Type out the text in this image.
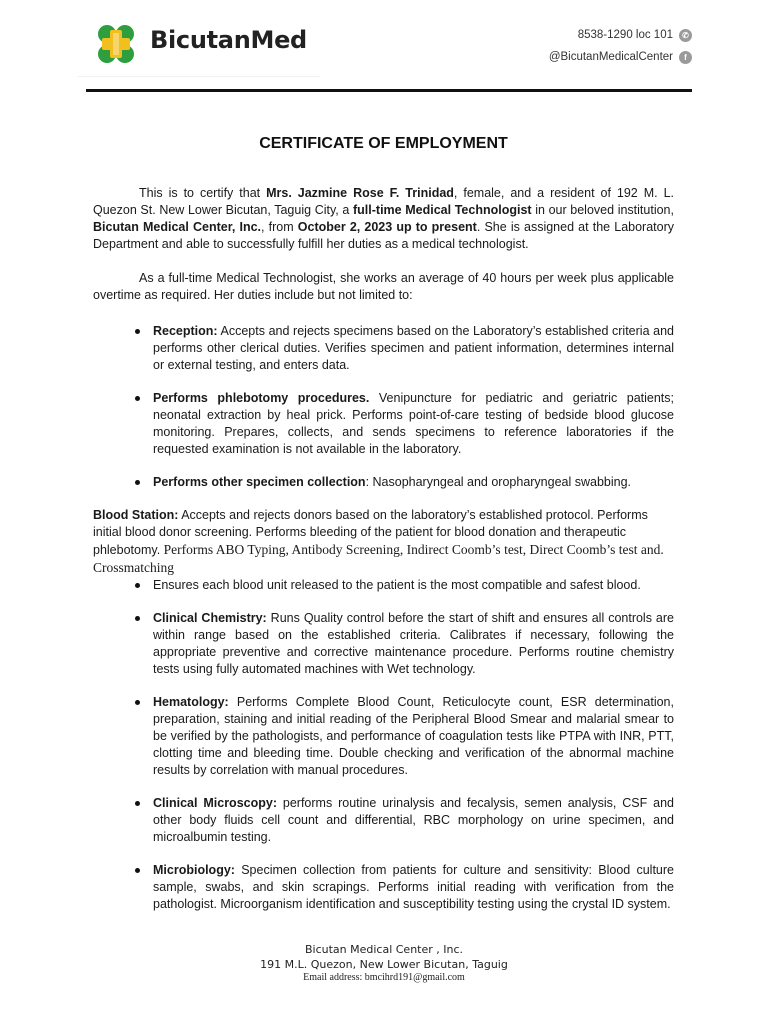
BicutanMed	8538-1290 loc 101	✆
@BicutanMedicalCenter	f
CERTIFICATE OF EMPLOYMENT

This is to certify that Mrs. Jazmine Rose F. Trinidad, female, and a resident of 192 M. L. Quezon St. New Lower Bicutan, Taguig City, a full-time Medical Technologist in our beloved institution, Bicutan Medical Center, Inc., from October 2, 2023 up to present. She is assigned at the Laboratory Department and able to successfully fulfill her duties as a medical technologist.

As a full-time Medical Technologist, she works an average of 40 hours per week plus applicable overtime as required. Her duties include but not limited to:

Reception: Accepts and rejects specimens based on the Laboratory’s established criteria and performs other clerical duties. Verifies specimen and patient information, determines internal or external testing, and enters data.
Performs phlebotomy procedures. Venipuncture for pediatric and geriatric patients; neonatal extraction by heal prick. Performs point-of-care testing of bedside blood glucose monitoring. Prepares, collects, and sends specimens to reference laboratories if the requested examination is not available in the laboratory.
Performs other specimen collection: Nasopharyngeal and oropharyngeal swabbing.

Blood Station: Accepts and rejects donors based on the laboratory’s established protocol. Performs initial blood donor screening. Performs bleeding of the patient for blood donation and therapeutic phlebotomy. Performs ABO Typing, Antibody Screening, Indirect Coomb’s test, Direct Coomb’s test and. Crossmatching

Ensures each blood unit released to the patient is the most compatible and safest blood.
Clinical Chemistry: Runs Quality control before the start of shift and ensures all controls are within range based on the established criteria. Calibrates if necessary, following the appropriate preventive and corrective maintenance procedure. Performs routine chemistry tests using fully automated machines with Wet technology.
Hematology: Performs Complete Blood Count, Reticulocyte count, ESR determination, preparation, staining and initial reading of the Peripheral Blood Smear and malarial smear to be verified by the pathologists, and performance of coagulation tests like PTPA with INR, PTT, clotting time and bleeding time. Double checking and verification of the abnormal machine results by correlation with manual procedures.
Clinical Microscopy: performs routine urinalysis and fecalysis, semen analysis, CSF and other body fluids cell count and differential, RBC morphology on urine specimen, and microalbumin testing.
Microbiology: Specimen collection from patients for culture and sensitivity: Blood culture sample, swabs, and skin scrapings. Performs initial reading with verification from the pathologist. Microorganism identification and susceptibility testing using the crystal ID system.
Bicutan Medical Center , Inc.
191 M.L. Quezon, New Lower Bicutan, Taguig
Email address: bmcihrd191@gmail.com
